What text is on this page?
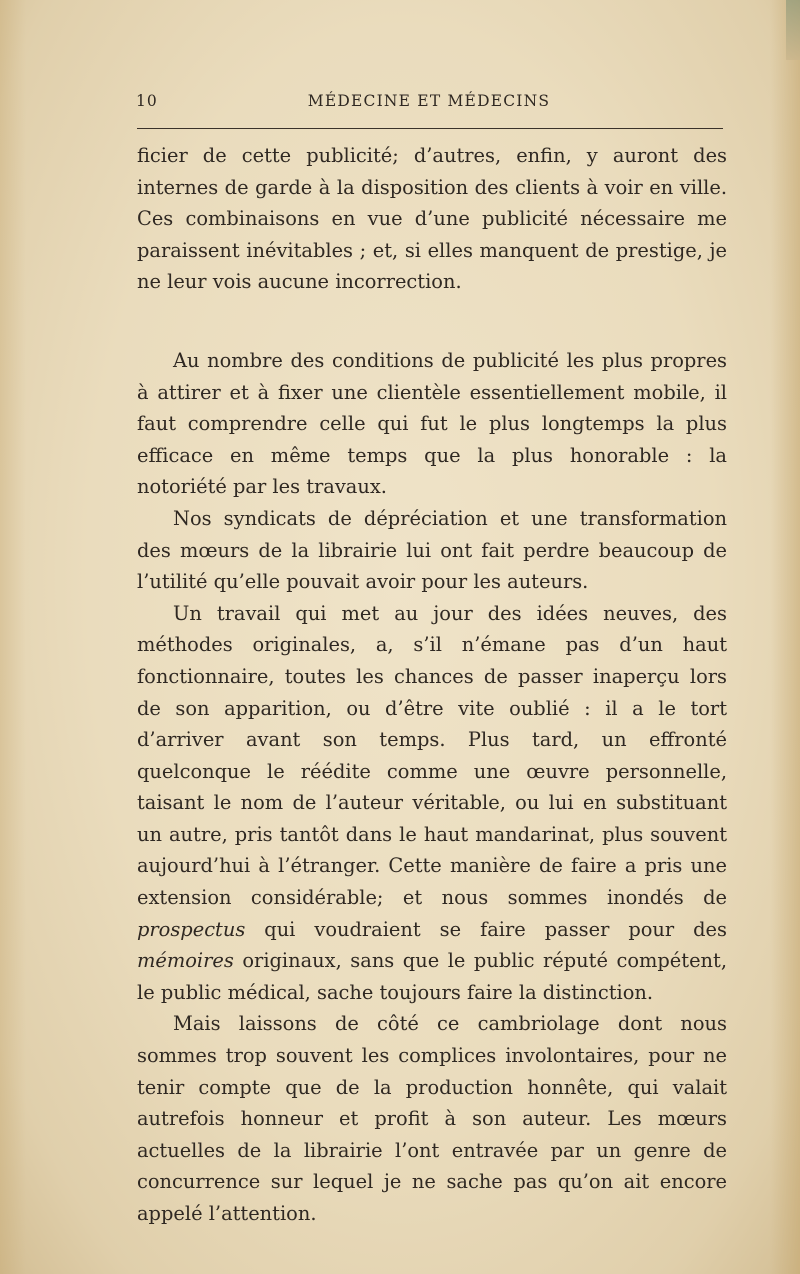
10	MÉDECINE ET MÉDECINS

ficier de cette publicité; d’autres, enfin, y auront des internes de garde à la disposition des clients à voir en ville. Ces combinaisons en vue d’une publicité nécessaire me paraissent inévitables ; et, si elles manquent de prestige, je ne leur vois aucune incorrection.

Au nombre des conditions de publicité les plus propres à attirer et à fixer une clientèle essentiellement mobile, il faut comprendre celle qui fut le plus longtemps la plus efficace en même temps que la plus honorable : la notoriété par les travaux.

Nos syndicats de dépréciation et une transformation des mœurs de la librairie lui ont fait perdre beaucoup de l’utilité qu’elle pouvait avoir pour les auteurs.

Un travail qui met au jour des idées neuves, des méthodes originales, a, s’il n’émane pas d’un haut fonctionnaire, toutes les chances de passer inaperçu lors de son apparition, ou d’être vite oublié : il a le tort d’arriver avant son temps. Plus tard, un effronté quelconque le réédite comme une œuvre personnelle, taisant le nom de l’auteur véritable, ou lui en substituant un autre, pris tantôt dans le haut mandarinat, plus souvent aujourd’hui à l’étranger. Cette manière de faire a pris une extension considérable; et nous sommes inondés de prospectus qui voudraient se faire passer pour des mémoires originaux, sans que le public réputé compétent, le public médical, sache toujours faire la distinction.

Mais laissons de côté ce cambriolage dont nous sommes trop souvent les complices involontaires, pour ne tenir compte que de la production honnête, qui valait autrefois honneur et profit à son auteur. Les mœurs actuelles de la librairie l’ont entravée par un genre de concurrence sur lequel je ne sache pas qu’on ait encore appelé l’attention.
